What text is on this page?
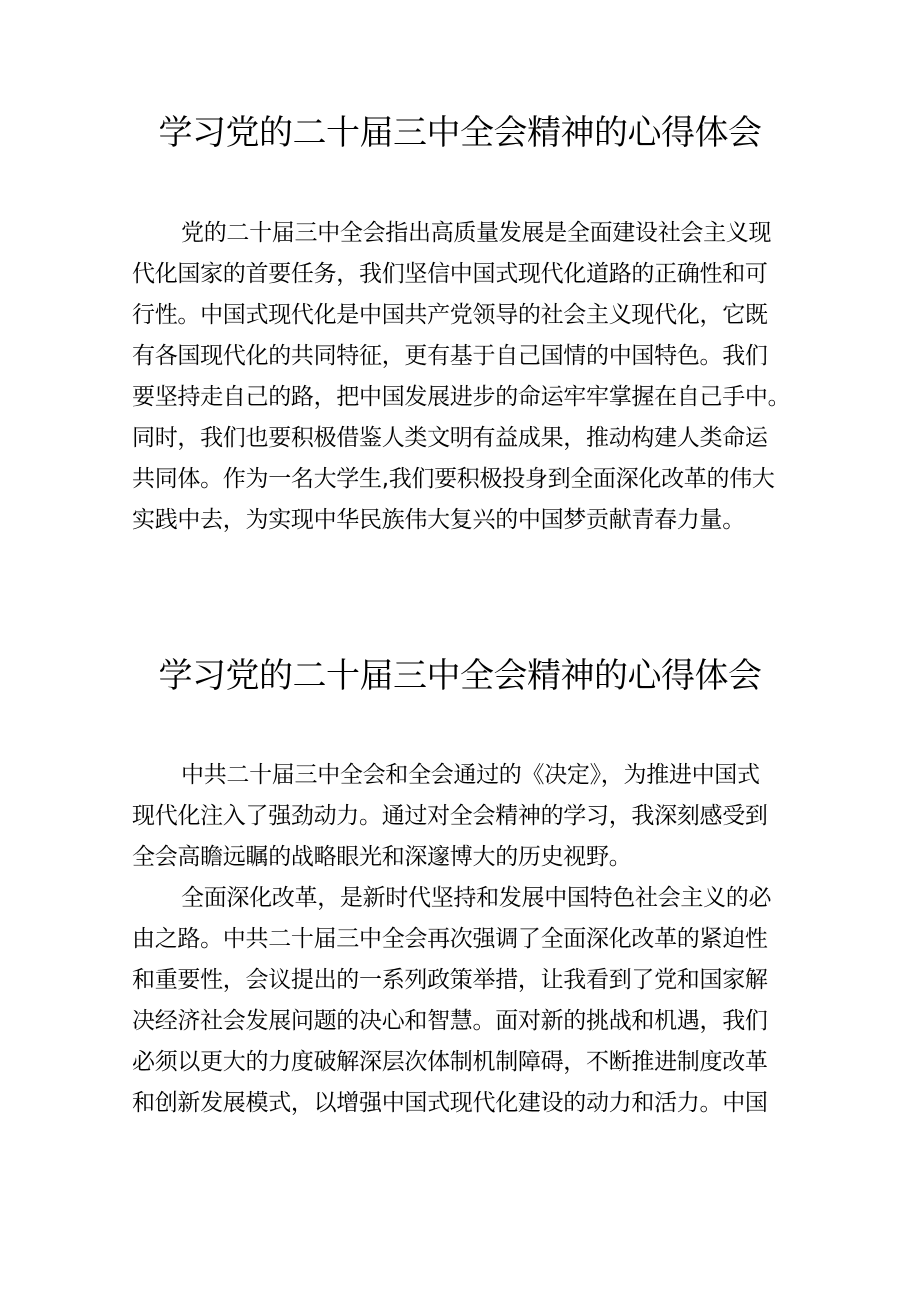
学习党的二十届三中全会精神的心得体会

党的二十届三中全会指出高质量发展是全面建设社会主义现
代化国家的首要任务，我们坚信中国式现代化道路的正确性和可
行性。中国式现代化是中国共产党领导的社会主义现代化，它既
有各国现代化的共同特征，更有基于自己国情的中国特色。我们
要坚持走自己的路，把中国发展进步的命运牢牢掌握在自己手中。
同时，我们也要积极借鉴人类文明有益成果，推动构建人类命运
共同体。作为一名大学生,我们要积极投身到全面深化改革的伟大
实践中去，为实现中华民族伟大复兴的中国梦贡献青春力量。

学习党的二十届三中全会精神的心得体会

中共二十届三中全会和全会通过的《决定》，为推进中国式
现代化注入了强劲动力。通过对全会精神的学习，我深刻感受到
全会高瞻远瞩的战略眼光和深邃博大的历史视野。

全面深化改革，是新时代坚持和发展中国特色社会主义的必
由之路。中共二十届三中全会再次强调了全面深化改革的紧迫性
和重要性，会议提出的一系列政策举措，让我看到了党和国家解
决经济社会发展问题的决心和智慧。面对新的挑战和机遇，我们
必须以更大的力度破解深层次体制机制障碍，不断推进制度改革
和创新发展模式，以增强中国式现代化建设的动力和活力。中国
